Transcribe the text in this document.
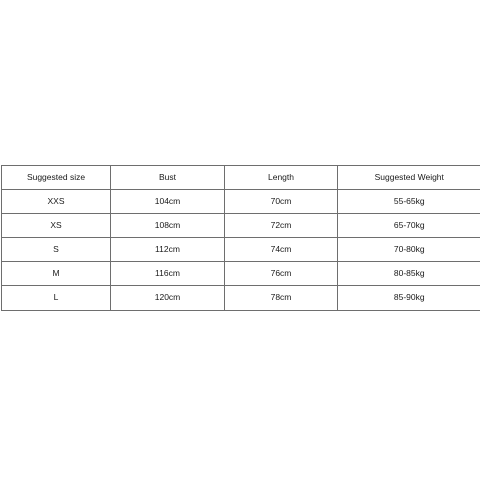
Suggested size	Bust	Length	Suggested Weight
XXS	104cm	70cm	55-65kg
XS	108cm	72cm	65-70kg
S	112cm	74cm	70-80kg
M	116cm	76cm	80-85kg
L	120cm	78cm	85-90kg
